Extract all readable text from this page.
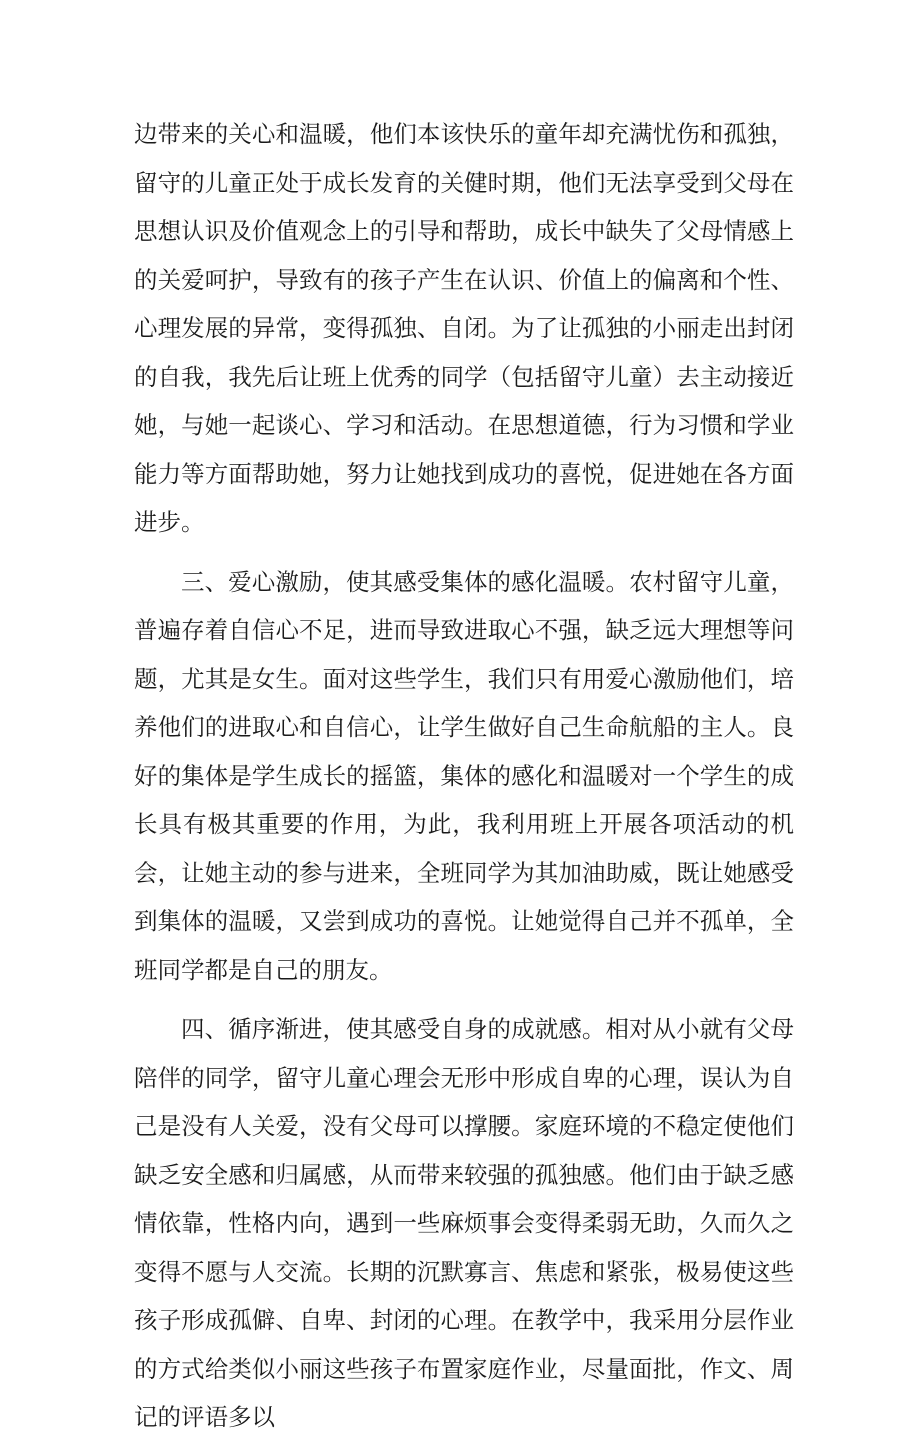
边带来的关心和温暖，他们本该快乐的童年却充满忧伤和孤独，留守的儿童正处于成长发育的关健时期，他们无法享受到父母在思想认识及价值观念上的引导和帮助，成长中缺失了父母情感上的关爱呵护，导致有的孩子产生在认识、价值上的偏离和个性、心理发展的异常，变得孤独、自闭。为了让孤独的小丽走出封闭的自我，我先后让班上优秀的同学（包括留守儿童）去主动接近她，与她一起谈心、学习和活动。在思想道德，行为习惯和学业能力等方面帮助她，努力让她找到成功的喜悦，促进她在各方面进步。

三、爱心激励，使其感受集体的感化温暖。农村留守儿童，普遍存着自信心不足，进而导致进取心不强，缺乏远大理想等问题，尤其是女生。面对这些学生，我们只有用爱心激励他们，培养他们的进取心和自信心，让学生做好自己生命航船的主人。良好的集体是学生成长的摇篮，集体的感化和温暖对一个学生的成长具有极其重要的作用，为此，我利用班上开展各项活动的机会，让她主动的参与进来，全班同学为其加油助威，既让她感受到集体的温暖，又尝到成功的喜悦。让她觉得自己并不孤单，全班同学都是自己的朋友。

四、循序渐进，使其感受自身的成就感。相对从小就有父母陪伴的同学，留守儿童心理会无形中形成自卑的心理，误认为自己是没有人关爱，没有父母可以撑腰。家庭环境的不稳定使他们缺乏安全感和归属感，从而带来较强的孤独感。他们由于缺乏感情依靠，性格内向，遇到一些麻烦事会变得柔弱无助，久而久之变得不愿与人交流。长期的沉默寡言、焦虑和紧张，极易使这些孩子形成孤僻、自卑、封闭的心理。在教学中，我采用分层作业的方式给类似小丽这些孩子布置家庭作业，尽量面批，作文、周记的评语多以
